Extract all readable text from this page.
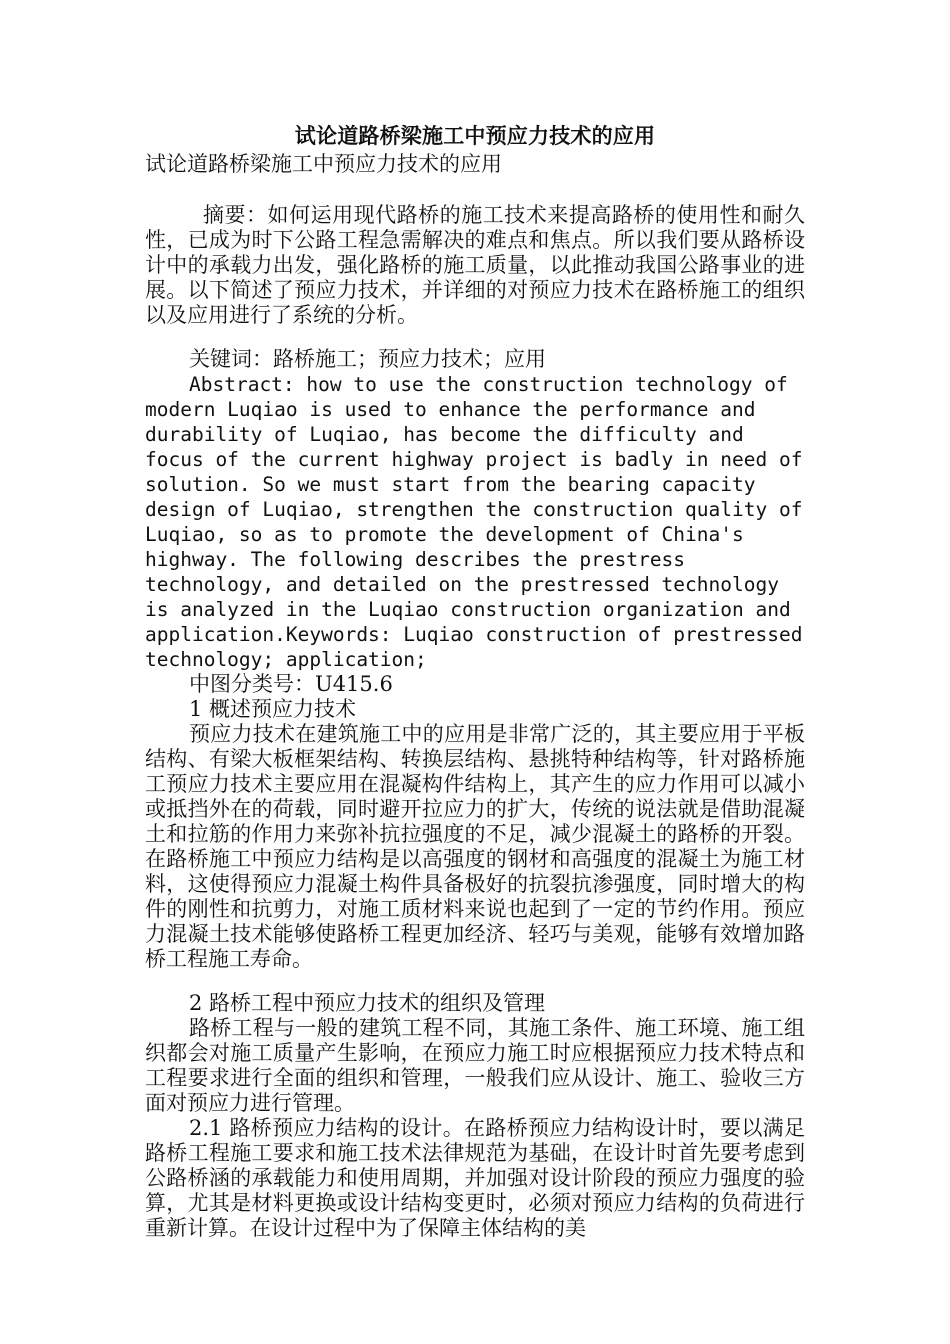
试论道路桥梁施工中预应力技术的应用

试论道路桥梁施工中预应力技术的应用

摘要：如何运用现代路桥的施工技术来提高路桥的使用性和耐久性，已成为时下公路工程急需解决的难点和焦点。所以我们要从路桥设计中的承载力出发，强化路桥的施工质量，以此推动我国公路事业的进展。以下简述了预应力技术，并详细的对预应力技术在路桥施工的组织以及应用进行了系统的分析。

关键词：路桥施工；预应力技术；应用

Abstract: how to use the construction technology of modern Luqiao is used to enhance the performance and durability of Luqiao, has become the difficulty and focus of the current highway project is badly in need of solution. So we must start from the bearing capacity design of Luqiao, strengthen the construction quality of Luqiao, so as to promote the development of China's highway. The following describes the prestress technology, and detailed on the prestressed technology is analyzed in the Luqiao construction organization and application.Keywords: Luqiao construction of prestressed technology; application;

中图分类号：U415.6

1 概述预应力技术

预应力技术在建筑施工中的应用是非常广泛的，其主要应用于平板结构、有梁大板框架结构、转换层结构、悬挑特种结构等，针对路桥施工预应力技术主要应用在混凝构件结构上，其产生的应力作用可以减小或抵挡外在的荷载，同时避开拉应力的扩大，传统的说法就是借助混凝土和拉筋的作用力来弥补抗拉强度的不足，减少混凝土的路桥的开裂。在路桥施工中预应力结构是以高强度的钢材和高强度的混凝土为施工材料，这使得预应力混凝土构件具备极好的抗裂抗渗强度，同时增大的构件的刚性和抗剪力，对施工质材料来说也起到了一定的节约作用。预应力混凝土技术能够使路桥工程更加经济、轻巧与美观，能够有效增加路桥工程施工寿命。

2 路桥工程中预应力技术的组织及管理

路桥工程与一般的建筑工程不同，其施工条件、施工环境、施工组织都会对施工质量产生影响，在预应力施工时应根据预应力技术特点和工程要求进行全面的组织和管理，一般我们应从设计、施工、验收三方面对预应力进行管理。

2.1 路桥预应力结构的设计。在路桥预应力结构设计时，要以满足路桥工程施工要求和施工技术法律规范为基础，在设计时首先要考虑到公路桥涵的承载能力和使用周期，并加强对设计阶段的预应力强度的验算，尤其是材料更换或设计结构变更时，必须对预应力结构的负荷进行重新计算。在设计过程中为了保障主体结构的美
